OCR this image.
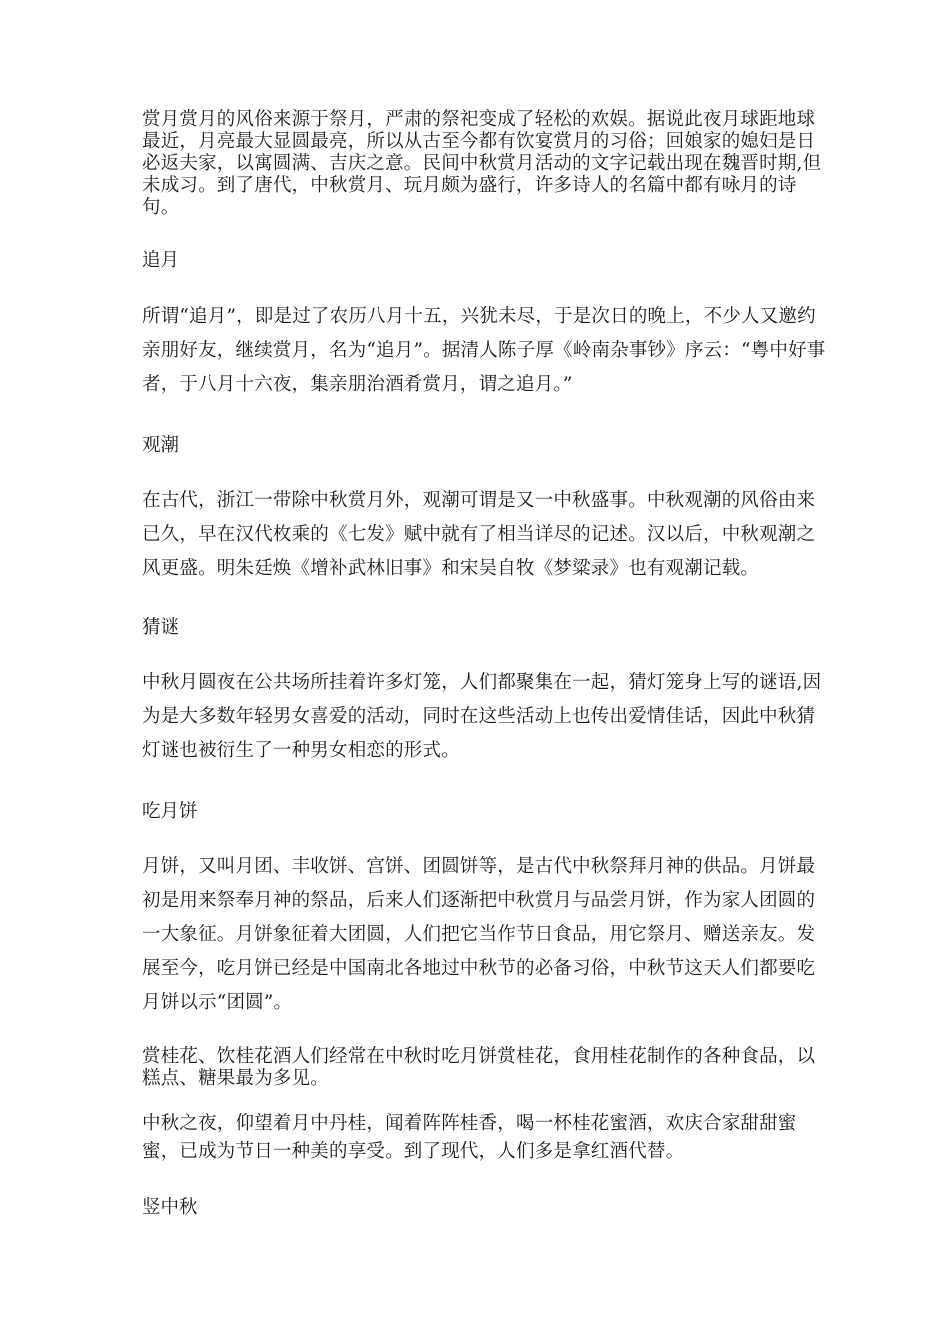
赏月赏月的风俗来源于祭月，严肃的祭祀变成了轻松的欢娱。据说此夜月球距地球最近，月亮最大显圆最亮，所以从古至今都有饮宴赏月的习俗；回娘家的媳妇是日必返夫家，以寓圆满、吉庆之意。民间中秋赏月活动的文字记载出现在魏晋时期,但未成习。到了唐代，中秋赏月、玩月颇为盛行，许多诗人的名篇中都有咏月的诗句。

追月

所谓“追月”，即是过了农历八月十五，兴犹未尽，于是次日的晚上，不少人又邀约亲朋好友，继续赏月，名为“追月”。据清人陈子厚《岭南杂事钞》序云：“粤中好事者，于八月十六夜，集亲朋治酒肴赏月，谓之追月。”

观潮

在古代，浙江一带除中秋赏月外，观潮可谓是又一中秋盛事。中秋观潮的风俗由来已久，早在汉代枚乘的《七发》赋中就有了相当详尽的记述。汉以后，中秋观潮之风更盛。明朱廷焕《增补武林旧事》和宋吴自牧《梦粱录》也有观潮记载。

猜谜

中秋月圆夜在公共场所挂着许多灯笼，人们都聚集在一起，猜灯笼身上写的谜语,因为是大多数年轻男女喜爱的活动，同时在这些活动上也传出爱情佳话，因此中秋猜灯谜也被衍生了一种男女相恋的形式。

吃月饼

月饼，又叫月团、丰收饼、宫饼、团圆饼等，是古代中秋祭拜月神的供品。月饼最初是用来祭奉月神的祭品，后来人们逐渐把中秋赏月与品尝月饼，作为家人团圆的一大象征。月饼象征着大团圆，人们把它当作节日食品，用它祭月、赠送亲友。发展至今，吃月饼已经是中国南北各地过中秋节的必备习俗，中秋节这天人们都要吃月饼以示“团圆”。

赏桂花、饮桂花酒人们经常在中秋时吃月饼赏桂花，食用桂花制作的各种食品，以糕点、糖果最为多见。

中秋之夜，仰望着月中丹桂，闻着阵阵桂香，喝一杯桂花蜜酒，欢庆合家甜甜蜜蜜，已成为节日一种美的享受。到了现代，人们多是拿红酒代替。

竖中秋
